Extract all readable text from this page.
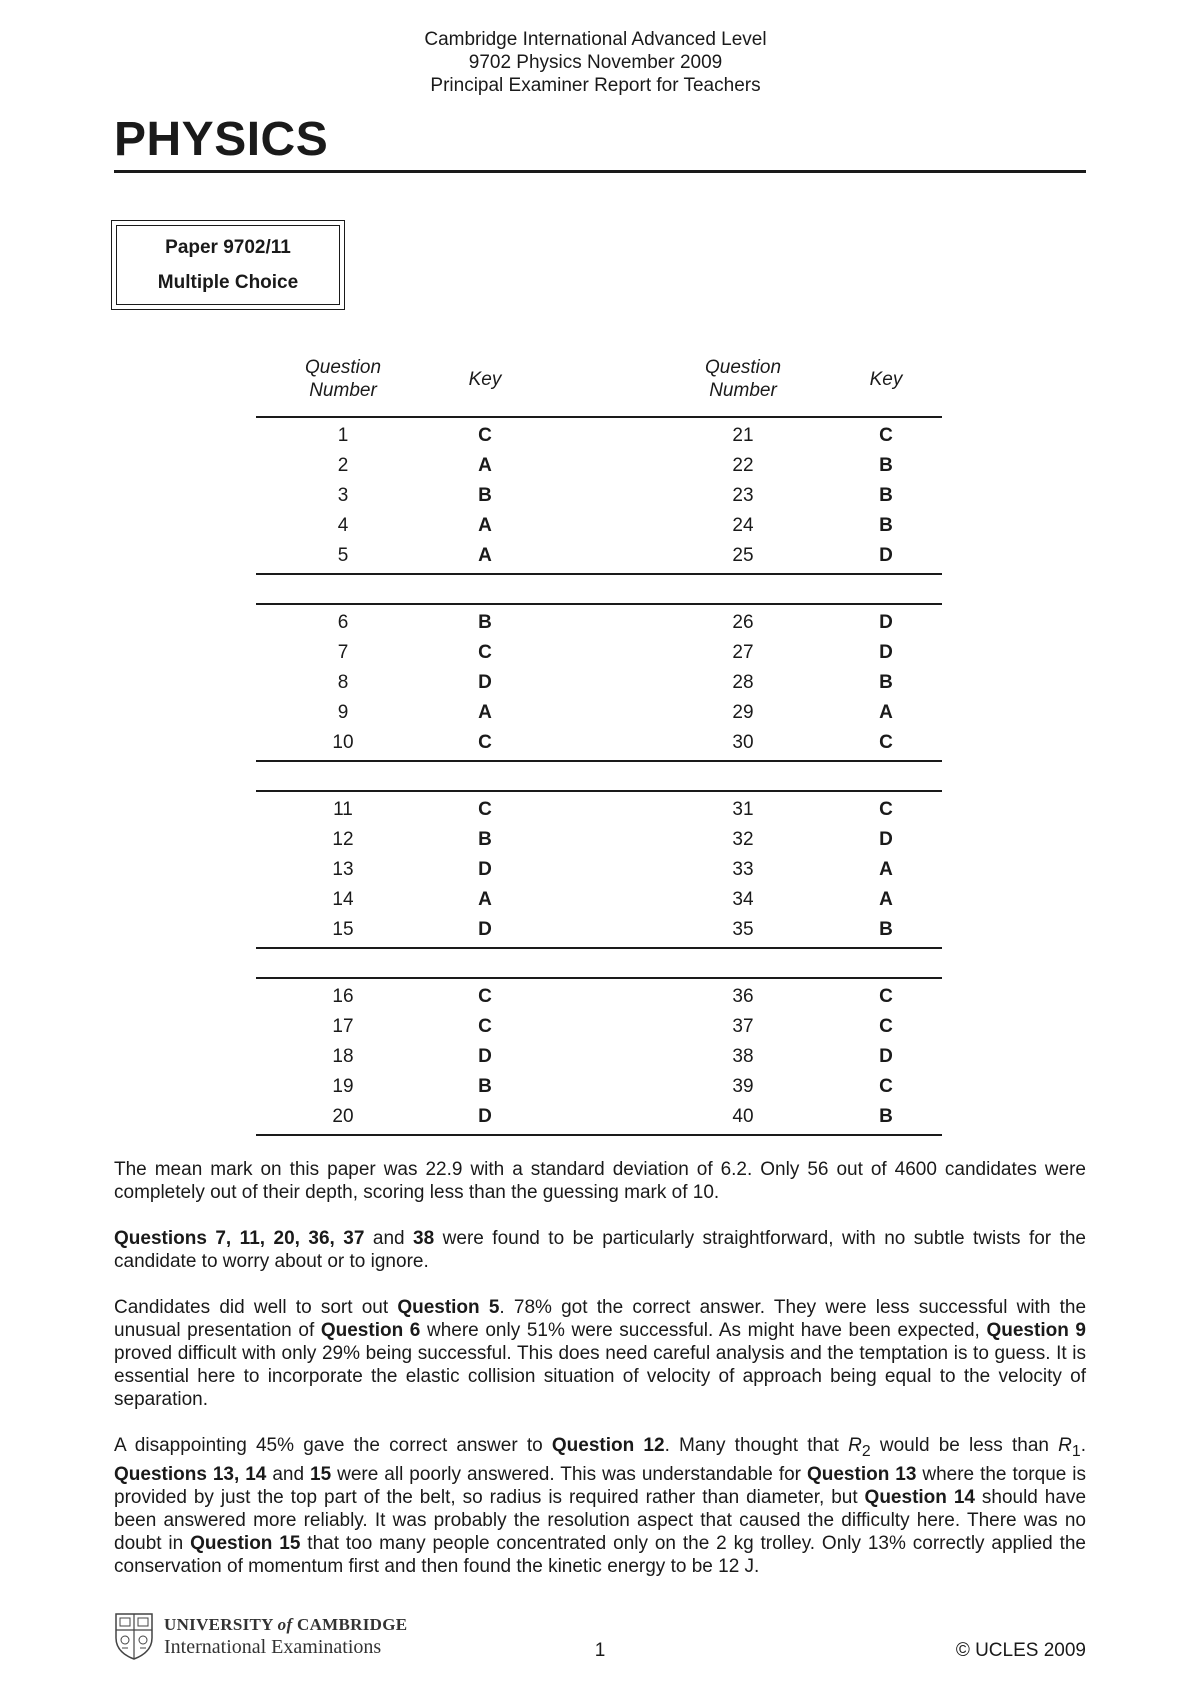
Cambridge International Advanced Level
9702 Physics November 2009
Principal Examiner Report for Teachers
PHYSICS
Paper 9702/11
Multiple Choice
Question
Number
Key
Question
Number
Key
1	C	21	C
2	A	22	B
3	B	23	B
4	A	24	B
5	A	25	D
6	B	26	D
7	C	27	D
8	D	28	B
9	A	29	A
10	C	30	C
11	C	31	C
12	B	32	D
13	D	33	A
14	A	34	A
15	D	35	B
16	C	36	C
17	C	37	C
18	D	38	D
19	B	39	C
20	D	40	B

The mean mark on this paper was 22.9 with a standard deviation of 6.2. Only 56 out of 4600 candidates were completely out of their depth, scoring less than the guessing mark of 10.

Questions 7, 11, 20, 36, 37 and 38 were found to be particularly straightforward, with no subtle twists for the candidate to worry about or to ignore.

Candidates did well to sort out Question 5. 78% got the correct answer. They were less successful with the unusual presentation of Question 6 where only 51% were successful. As might have been expected, Question 9 proved difficult with only 29% being successful. This does need careful analysis and the temptation is to guess. It is essential here to incorporate the elastic collision situation of velocity of approach being equal to the velocity of separation.

A disappointing 45% gave the correct answer to Question 12. Many thought that $R_2$ would be less than $R_1$. Questions 13, 14 and 15 were all poorly answered. This was understandable for Question 13 where the torque is provided by just the top part of the belt, so radius is required rather than diameter, but Question 14 should have been answered more reliably. It was probably the resolution aspect that caused the difficulty here. There was no doubt in Question 15 that too many people concentrated only on the 2 kg trolley. Only 13% correctly applied the conservation of momentum first and then found the kinetic energy to be 12 J.

UNIVERSITY of CAMBRIDGE
International Examinations	1	© UCLES 2009
